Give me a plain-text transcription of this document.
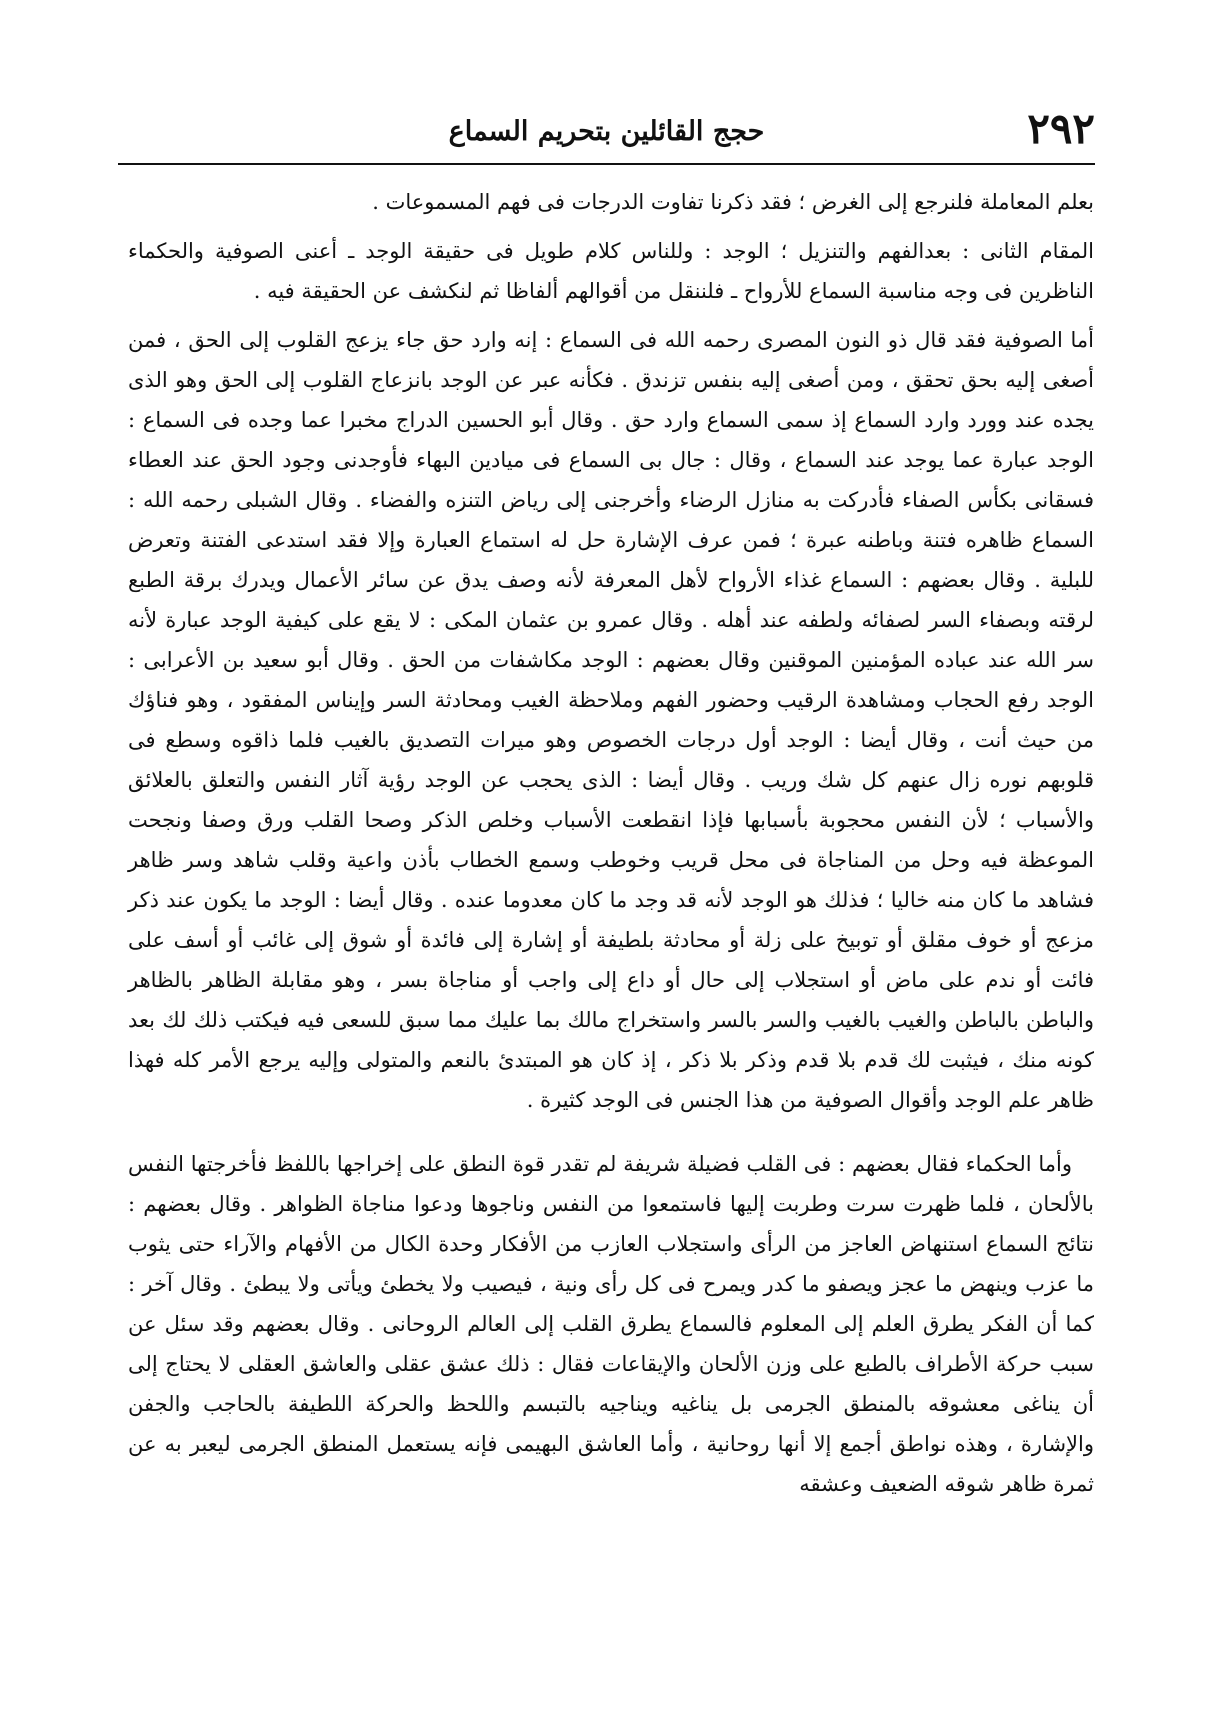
٢٩٢
حجج القائلين بتحريم السماع

بعلم المعاملة فلنرجع إلى الغرض ؛ فقد ذكرنا تفاوت الدرجات فى فهم المسموعات .

المقام الثانى : بعدالفهم والتنزيل ؛ الوجد : وللناس كلام طويل فى حقيقة الوجد ـ أعنى الصوفية والحكماء الناظرين فى وجه مناسبة السماع للأرواح ـ فلننقل من أقوالهم ألفاظا ثم لنكشف عن الحقيقة فيه .

أما الصوفية فقد قال ذو النون المصرى رحمه الله فى السماع : إنه وارد حق جاء يزعج القلوب إلى الحق ، فمن أصغى إليه بحق تحقق ، ومن أصغى إليه بنفس تزندق . فكأنه عبر عن الوجد بانزعاج القلوب إلى الحق وهو الذى يجده عند وورد وارد السماع إذ سمى السماع وارد حق . وقال أبو الحسين الدراج مخبرا عما وجده فى السماع : الوجد عبارة عما يوجد عند السماع ، وقال : جال بى السماع فى ميادين البهاء فأوجدنى وجود الحق عند العطاء فسقانى بكأس الصفاء فأدركت به منازل الرضاء وأخرجنى إلى رياض التنزه والفضاء . وقال الشبلى رحمه الله : السماع ظاهره فتنة وباطنه عبرة ؛ فمن عرف الإشارة حل له استماع العبارة وإلا فقد استدعى الفتنة وتعرض للبلية . وقال بعضهم : السماع غذاء الأرواح لأهل المعرفة لأنه وصف يدق عن سائر الأعمال ويدرك برقة الطبع لرقته وبصفاء السر لصفائه ولطفه عند أهله . وقال عمرو بن عثمان المكى : لا يقع على كيفية الوجد عبارة لأنه سر الله عند عباده المؤمنين الموقنين وقال بعضهم : الوجد مكاشفات من الحق . وقال أبو سعيد بن الأعرابى : الوجد رفع الحجاب ومشاهدة الرقيب وحضور الفهم وملاحظة الغيب ومحادثة السر وإيناس المفقود ، وهو فناؤك من حيث أنت ، وقال أيضا : الوجد أول درجات الخصوص وهو ميرات التصديق بالغيب فلما ذاقوه وسطع فى قلوبهم نوره زال عنهم كل شك وريب . وقال أيضا : الذى يحجب عن الوجد رؤية آثار النفس والتعلق بالعلائق والأسباب ؛ لأن النفس محجوبة بأسبابها فإذا انقطعت الأسباب وخلص الذكر وصحا القلب ورق وصفا ونجحت الموعظة فيه وحل من المناجاة فى محل قريب وخوطب وسمع الخطاب بأذن واعية وقلب شاهد وسر ظاهر فشاهد ما كان منه خاليا ؛ فذلك هو الوجد لأنه قد وجد ما كان معدوما عنده . وقال أيضا : الوجد ما يكون عند ذكر مزعج أو خوف مقلق أو توبيخ على زلة أو محادثة بلطيفة أو إشارة إلى فائدة أو شوق إلى غائب أو أسف على فائت أو ندم على ماض أو استجلاب إلى حال أو داع إلى واجب أو مناجاة بسر ، وهو مقابلة الظاهر بالظاهر والباطن بالباطن والغيب بالغيب والسر بالسر واستخراج مالك بما عليك مما سبق للسعى فيه فيكتب ذلك لك بعد كونه منك ، فيثبت لك قدم بلا قدم وذكر بلا ذكر ، إذ كان هو المبتدئ بالنعم والمتولى وإليه يرجع الأمر كله فهذا ظاهر علم الوجد وأقوال الصوفية من هذا الجنس فى الوجد كثيرة .

وأما الحكماء فقال بعضهم : فى القلب فضيلة شريفة لم تقدر قوة النطق على إخراجها باللفظ فأخرجتها النفس بالألحان ، فلما ظهرت سرت وطربت إليها فاستمعوا من النفس وناجوها ودعوا مناجاة الظواهر . وقال بعضهم : نتائج السماع استنهاض العاجز من الرأى واستجلاب العازب من الأفكار وحدة الكال من الأفهام والآراء حتى يثوب ما عزب وينهض ما عجز ويصفو ما كدر ويمرح فى كل رأى ونية ، فيصيب ولا يخطئ ويأتى ولا يبطئ . وقال آخر : كما أن الفكر يطرق العلم إلى المعلوم فالسماع يطرق القلب إلى العالم الروحانى . وقال بعضهم وقد سئل عن سبب حركة الأطراف بالطبع على وزن الألحان والإيقاعات فقال : ذلك عشق عقلى والعاشق العقلى لا يحتاج إلى أن يناغى معشوقه بالمنطق الجرمى بل يناغيه ويناجيه بالتبسم واللحظ والحركة اللطيفة بالحاجب والجفن والإشارة ، وهذه نواطق أجمع إلا أنها روحانية ، وأما العاشق البهيمى فإنه يستعمل المنطق الجرمى ليعبر به عن ثمرة ظاهر شوقه الضعيف وعشقه
